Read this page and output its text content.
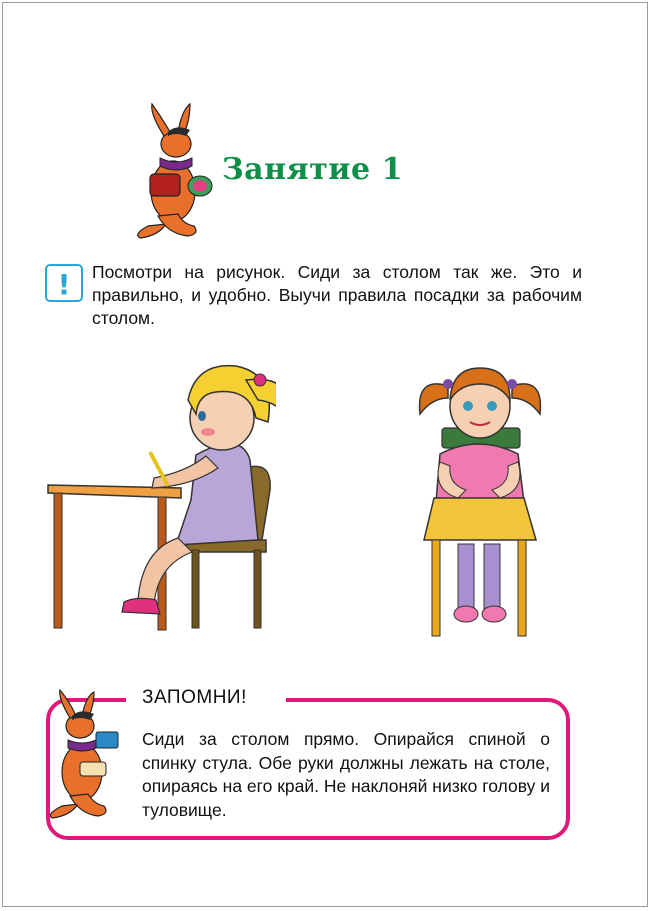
Занятие 1
!	Посмотри на рисунок. Сиди за столом так же. Это и правильно, и удобно. Выучи правила посадки за рабочим столом.
ЗАПОМНИ!
Сиди за столом прямо. Опирайся спиной о спинку стула. Обе руки должны лежать на столе, опираясь на его край. Не наклоняй низко голову и туловище.
